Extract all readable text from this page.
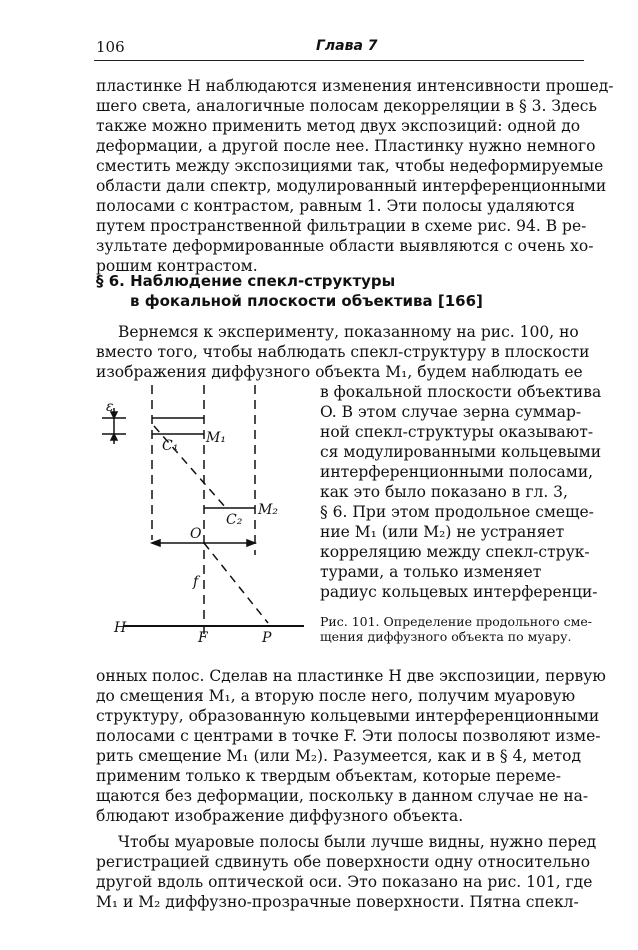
106	Глава 7
пластинке H наблюдаются изменения интенсивности прошед-
шего света, аналогичные полосам декорреляции в § 3. Здесь
также можно применить метод двух экспозиций: одной до
деформации, а другой после нее. Пластинку нужно немного
сместить между экспозициями так, чтобы недеформируемые
области дали спектр, модулированный интерференционными
полосами с контрастом, равным 1. Эти полосы удаляются
путем пространственной фильтрации в схеме рис. 94. В ре-
зультате деформированные области выявляются с очень хо-
рошим контрастом.
§ 6. Наблюдение спекл-структуры
в фокальной плоскости объектива [166]
Вернемся к эксперименту, показанному на рис. 100, но
вместо того, чтобы наблюдать спекл-структуру в плоскости
изображения диффузного объекта M₁, будем наблюдать ее
в фокальной плоскости объектива
O. В этом случае зерна суммар-
ной спекл-структуры оказывают-
ся модулированными кольцевыми
интерференционными полосами,
как это было показано в гл. 3,
§ 6. При этом продольное смеще-
ние M₁ (или M₂) не устраняет
корреляцию между спекл-струк-
турами, а только изменяет
радиус кольцевых интерференци-
ε
M₁
C₁
C₂
M₂
O
f
H
F	P
Рис. 101. Определение продольного сме-
щения диффузного объекта по муару.
онных полос. Сделав на пластинке H две экспозиции, первую
до смещения M₁, а вторую после него, получим муаровую
структуру, образованную кольцевыми интерференционными
полосами с центрами в точке F. Эти полосы позволяют изме-
рить смещение M₁ (или M₂). Разумеется, как и в § 4, метод
применим только к твердым объектам, которые переме-
щаются без деформации, поскольку в данном случае не на-
блюдают изображение диффузного объекта.
Чтобы муаровые полосы были лучше видны, нужно перед
регистрацией сдвинуть обе поверхности одну относительно
другой вдоль оптической оси. Это показано на рис. 101, где
M₁ и M₂ диффузно-прозрачные поверхности. Пятна спекл-
